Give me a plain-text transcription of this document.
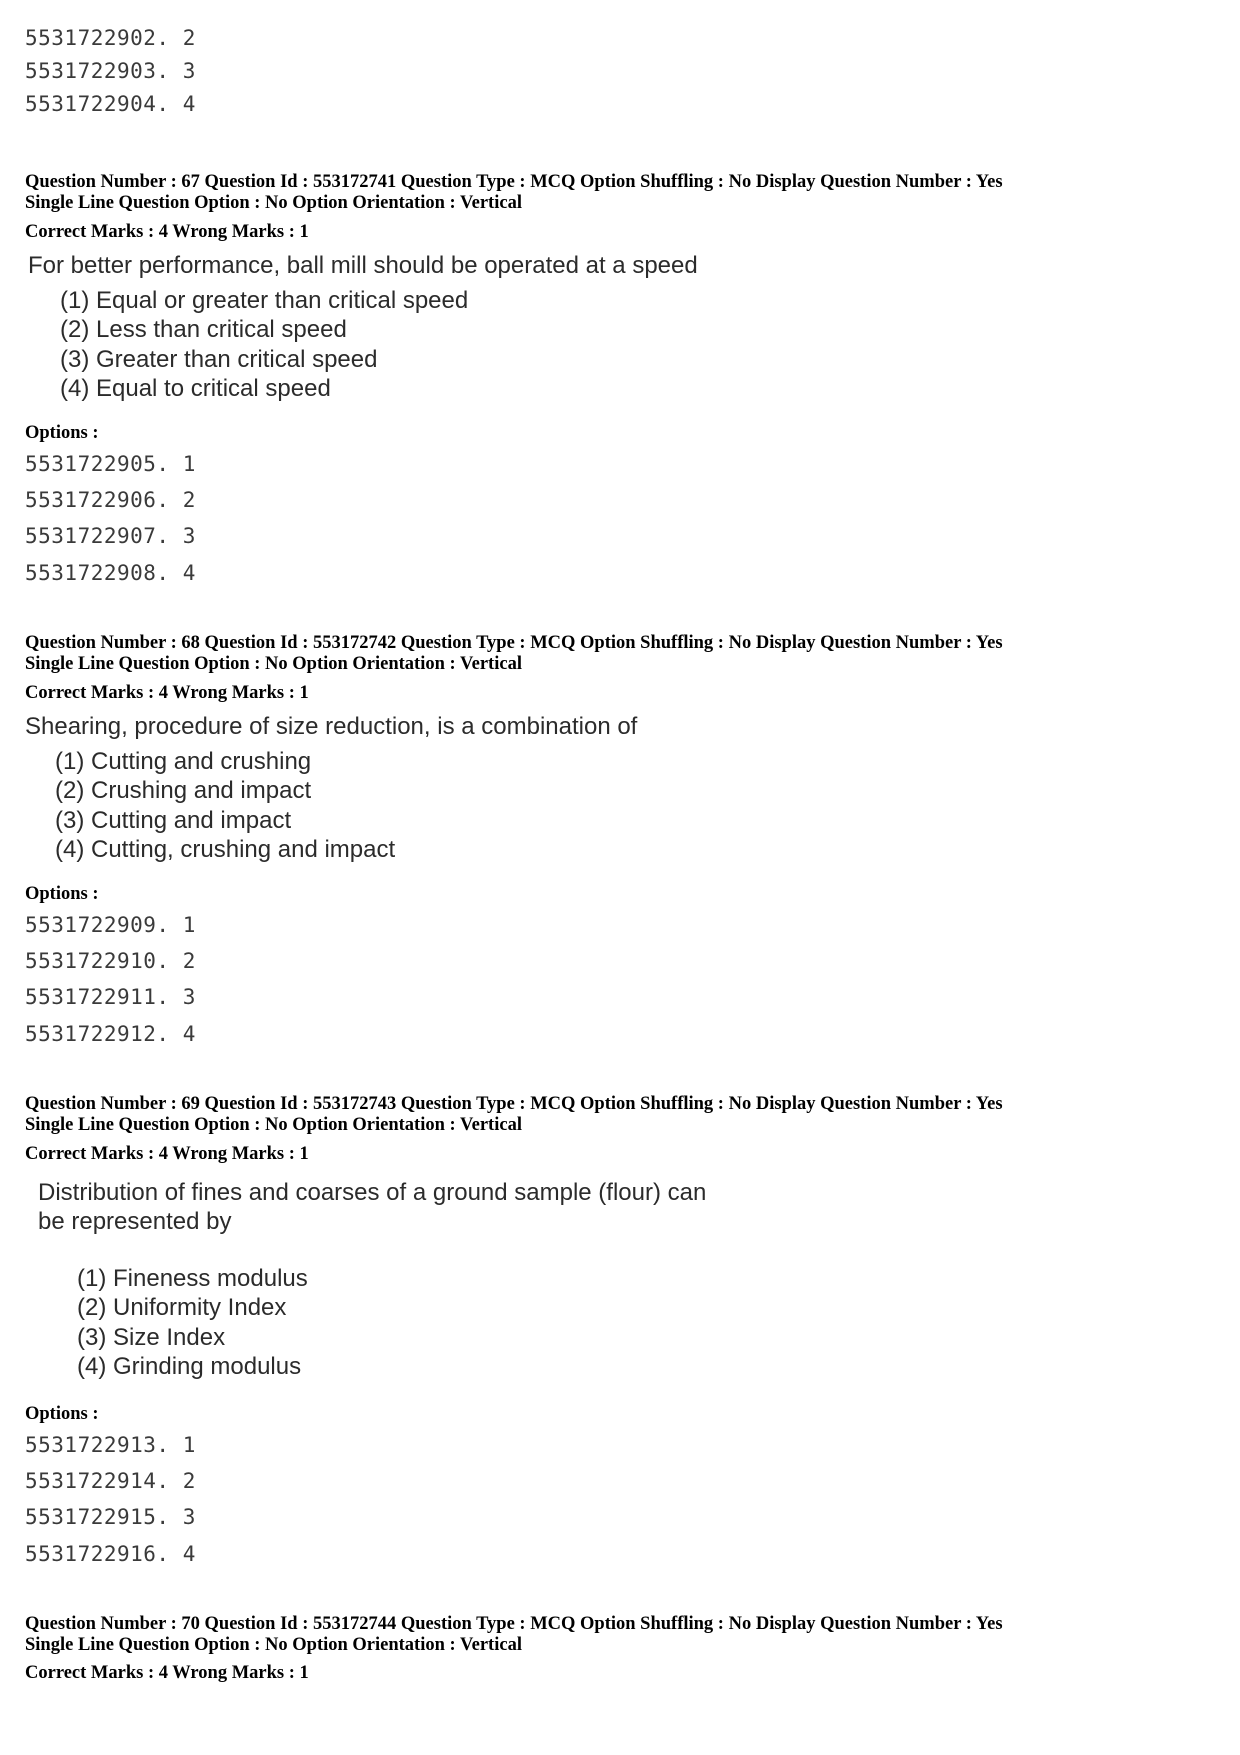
5531722902. 2
5531722903. 3
5531722904. 4
Question Number : 67 Question Id : 553172741 Question Type : MCQ Option Shuffling : No Display Question Number : Yes
Single Line Question Option : No Option Orientation : Vertical
Correct Marks : 4 Wrong Marks : 1
For better performance, ball mill should be operated at a speed
(1) Equal or greater than critical speed
(2) Less than critical speed
(3) Greater than critical speed
(4) Equal to critical speed
Options :
5531722905. 1
5531722906. 2
5531722907. 3
5531722908. 4
Question Number : 68 Question Id : 553172742 Question Type : MCQ Option Shuffling : No Display Question Number : Yes
Single Line Question Option : No Option Orientation : Vertical
Correct Marks : 4 Wrong Marks : 1
Shearing, procedure of size reduction, is a combination of
(1) Cutting and crushing
(2) Crushing and impact
(3) Cutting and impact
(4) Cutting, crushing and impact
Options :
5531722909. 1
5531722910. 2
5531722911. 3
5531722912. 4
Question Number : 69 Question Id : 553172743 Question Type : MCQ Option Shuffling : No Display Question Number : Yes
Single Line Question Option : No Option Orientation : Vertical
Correct Marks : 4 Wrong Marks : 1
Distribution of fines and coarses of a ground sample (flour) can
be represented by
(1) Fineness modulus
(2) Uniformity Index
(3) Size Index
(4) Grinding modulus
Options :
5531722913. 1
5531722914. 2
5531722915. 3
5531722916. 4
Question Number : 70 Question Id : 553172744 Question Type : MCQ Option Shuffling : No Display Question Number : Yes
Single Line Question Option : No Option Orientation : Vertical
Correct Marks : 4 Wrong Marks : 1
